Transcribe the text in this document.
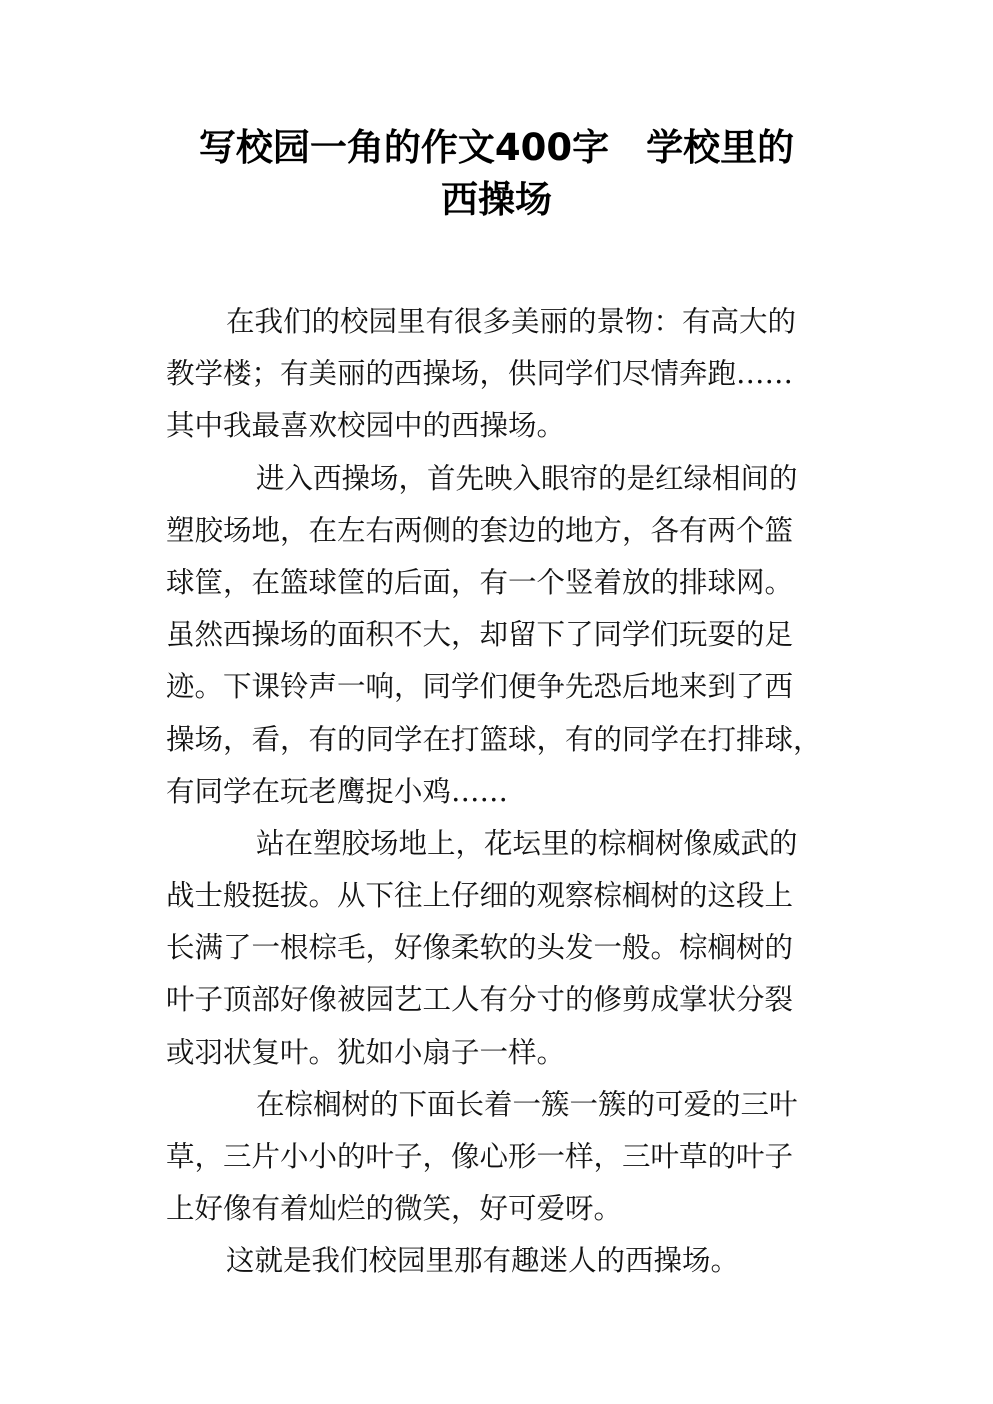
写校园一角的作文400字　学校里的
西操场
在我们的校园里有很多美丽的景物：有高大的
教学楼；有美丽的西操场，供同学们尽情奔跑……
其中我最喜欢校园中的西操场。
进入西操场，首先映入眼帘的是红绿相间的
塑胶场地，在左右两侧的套边的地方，各有两个篮
球筐，在篮球筐的后面，有一个竖着放的排球网。
虽然西操场的面积不大，却留下了同学们玩耍的足
迹。下课铃声一响，同学们便争先恐后地来到了西
操场，看，有的同学在打篮球，有的同学在打排球，
有同学在玩老鹰捉小鸡……
站在塑胶场地上，花坛里的棕榈树像威武的
战士般挺拔。从下往上仔细的观察棕榈树的这段上
长满了一根棕毛，好像柔软的头发一般。棕榈树的
叶子顶部好像被园艺工人有分寸的修剪成掌状分裂
或羽状复叶。犹如小扇子一样。
在棕榈树的下面长着一簇一簇的可爱的三叶
草，三片小小的叶子，像心形一样，三叶草的叶子
上好像有着灿烂的微笑，好可爱呀。
这就是我们校园里那有趣迷人的西操场。
